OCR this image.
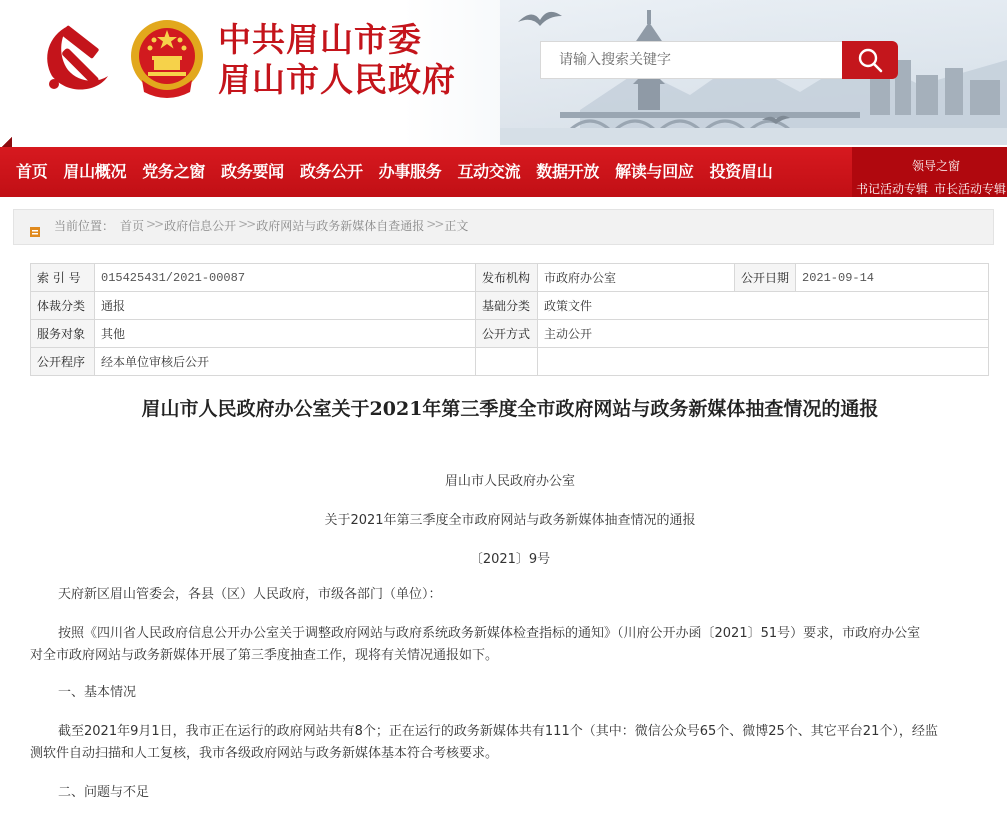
中共眉山市委
眉山市人民政府	请输入搜索关键字
首页	眉山概况	党务之窗	政务要闻	政务公开	办事服务	互动交流	数据开放	解读与回应	投资眉山	领导之窗
书记活动专辑 市长活动专辑
当前位置： 首页 >> 政府信息公开 >> 政府网站与政务新媒体自查通报 >> 正文
索 引 号	015425431/2021-00087	发布机构	市政府办公室	公开日期	2021-09-14
体裁分类	通报	基础分类	政策文件		
服务对象	其他	公开方式	主动公开		
公开程序	经本单位审核后公开				
眉山市人民政府办公室关于2021年第三季度全市政府网站与政务新媒体抽查情况的通报
眉山市人民政府办公室
关于2021年第三季度全市政府网站与政务新媒体抽查情况的通报
〔2021〕9号
天府新区眉山管委会，各县（区）人民政府，市级各部门（单位）：
按照《四川省人民政府信息公开办公室关于调整政府网站与政府系统政务新媒体检查指标的通知》（川府公开办函〔2021〕51号）要求，市政府办公室
对全市政府网站与政务新媒体开展了第三季度抽查工作，现将有关情况通报如下。
一、基本情况
截至2021年9月1日，我市正在运行的政府网站共有8个；正在运行的政务新媒体共有111个（其中：微信公众号65个、微博25个、其它平台21个），经监
测软件自动扫描和人工复核，我市各级政府网站与政务新媒体基本符合考核要求。
二、问题与不足
